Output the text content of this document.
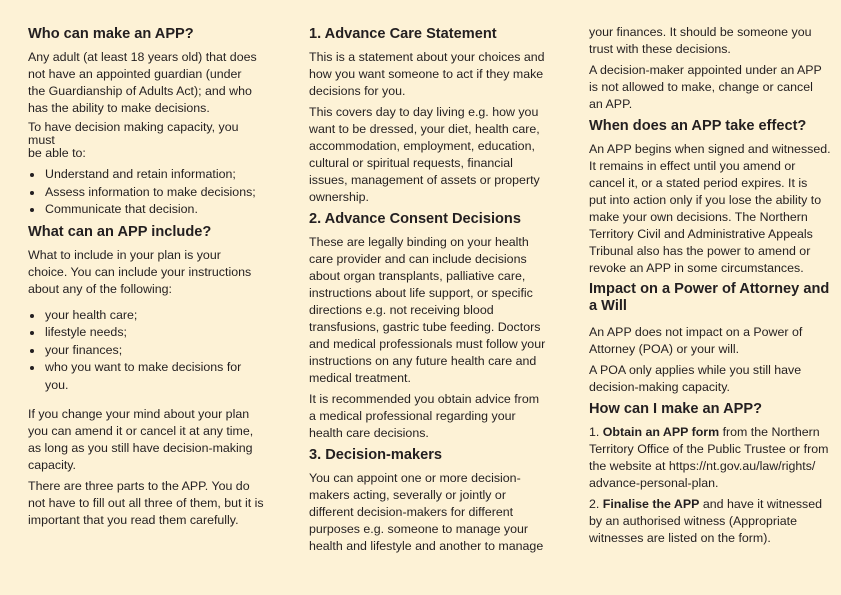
Who can make an APP?

Any adult (at least 18 years old) that does
not have an appointed guardian (under
the Guardianship of Adults Act); and who
has the ability to make decisions.

To have decision making capacity, you must
be able to:

Understand and retain information;
Assess information to make decisions;
Communicate that decision.
What can an APP include?

What to include in your plan is your
choice. You can include your instructions
about any of the following:

your health care;
lifestyle needs;
your finances;
who you want to make decisions for you.

If you change your mind about your plan
you can amend it or cancel it at any time,
as long as you still have decision-making
capacity.

There are three parts to the APP. You do
not have to fill out all three of them, but it is
important that you read them carefully.

1. Advance Care Statement

This is a statement about your choices and
how you want someone to act if they make
decisions for you.

This covers day to day living e.g. how you
want to be dressed, your diet, health care,
accommodation, employment, education,
cultural or spiritual requests, financial
issues, management of assets or property
ownership.

2. Advance Consent Decisions

These are legally binding on your health
care provider and can include decisions
about organ transplants, palliative care,
instructions about life support, or specific
directions e.g. not receiving blood
transfusions, gastric tube feeding. Doctors
and medical professionals must follow your
instructions on any future health care and
medical treatment.

It is recommended you obtain advice from
a medical professional regarding your
health care decisions.

3. Decision-makers

You can appoint one or more decision-
makers acting, severally or jointly or
different decision-makers for different
purposes e.g. someone to manage your
health and lifestyle and another to manage

your finances. It should be someone you
trust with these decisions.

A decision-maker appointed under an APP
is not allowed to make, change or cancel
an APP.

When does an APP take effect?

An APP begins when signed and witnessed.
It remains in effect until you amend or
cancel it, or a stated period expires. It is
put into action only if you lose the ability to
make your own decisions. The Northern
Territory Civil and Administrative Appeals
Tribunal also has the power to amend or
revoke an APP in some circumstances.

Impact on a Power of Attorney and
a Will

An APP does not impact on a Power of
Attorney (POA) or your will.

A POA only applies while you still have
decision-making capacity.

How can I make an APP?

1. Obtain an APP form from the Northern
Territory Office of the Public Trustee or from
the website at https://nt.gov.au/law/rights/
advance-personal-plan.

2. Finalise the APP and have it witnessed
by an authorised witness (Appropriate
witnesses are listed on the form).
